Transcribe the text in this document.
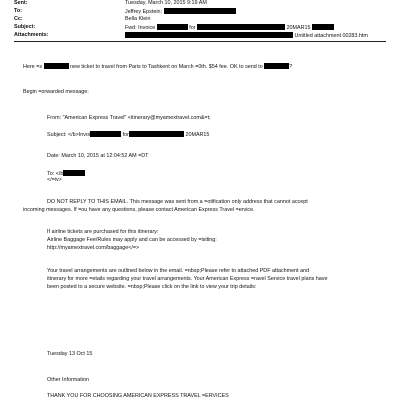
Sent:	Tuesday, March 10, 2015 9:19 AM
To:	Jeffrey Epstein;
Cc:	Bella Klein
Subject:	Fwd: Invoice	for	20MAR15
Attachments:	Untitled attachment 00283.htm
Here =s	new ticket to travel from Paris to Tashkent on March =0th. $54 fee. OK to send to	?
Begin =orwarded message:
From: "American Express Travel" <itinerary@myamextravel.com&=t;
Subject: </b>Invoi	for	20MAR15
Date: March 10, 2015 at 12:04:52 AM =DT
To: </b
</=iv>
DO NOT REPLY TO THIS EMAIL. This message was sent from a =otification only address that cannot accept
incoming messages. If =ou have any questions, please contact American Express Travel =ervice.
If airline tickets are purchased for this itinerary:
Airline Baggage Fee/Rules may apply and can be accessed by =isiting:
http://myamextravel.com/baggage</=>
Your travel arrangements are outlined below in the email. =nbsp;Please refer to attached PDF attachment and
itinerary for more =etails regarding your travel arrangements. Your American Express =ravel Service travel plans have
been posted to a secure website. =nbsp;Please click on the link to view your trip details:
Tuesday 13 Oct 15
Other Information
THANK YOU FOR CHOOSING AMERICAN EXPRESS TRAVEL =ERVICES
